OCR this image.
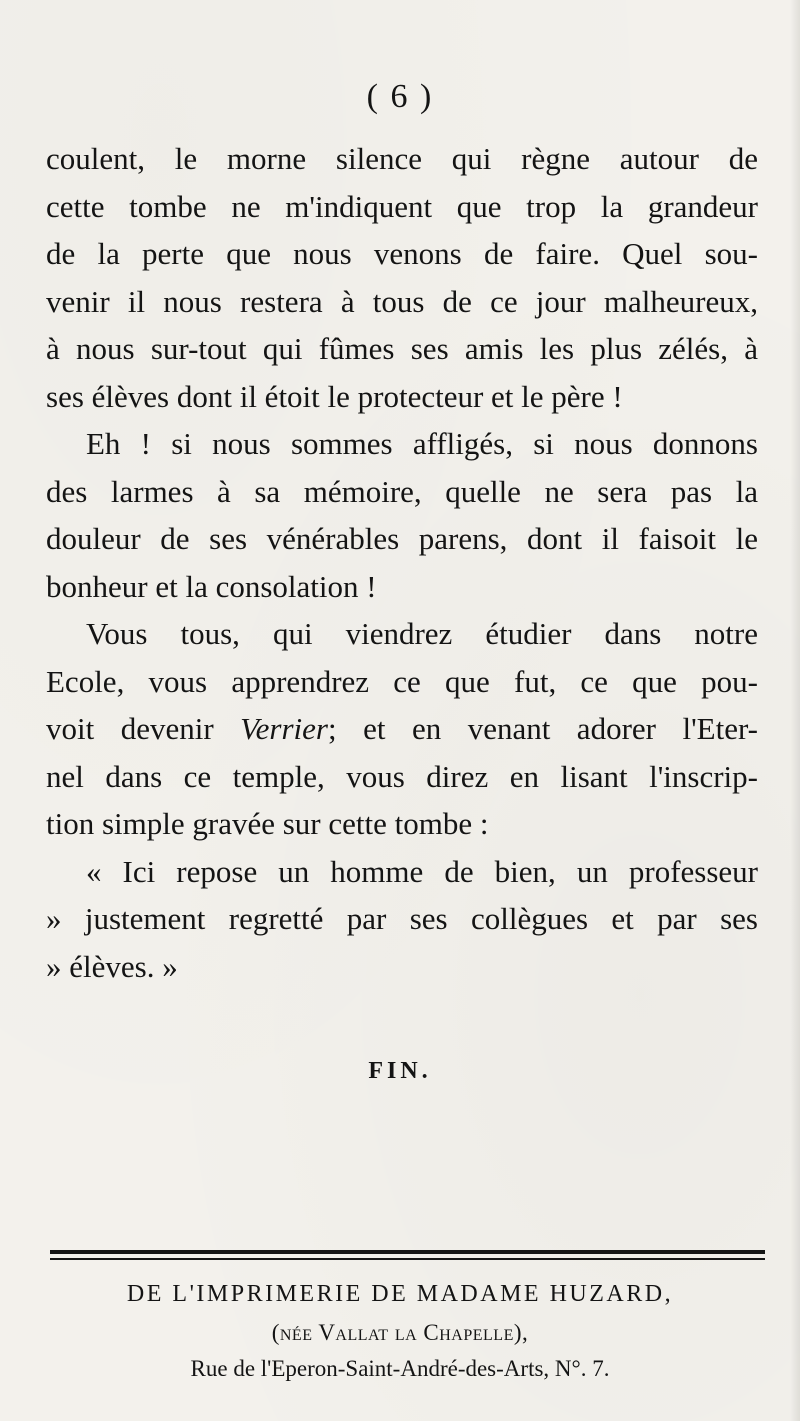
( 6 )

coulent, le morne silence qui règne autour de
cette tombe ne m'indiquent que trop la grandeur
de la perte que nous venons de faire. Quel sou-
venir il nous restera à tous de ce jour malheureux,
à nous sur-tout qui fûmes ses amis les plus zélés, à
ses élèves dont il étoit le protecteur et le père !

Eh ! si nous sommes affligés, si nous donnons
des larmes à sa mémoire, quelle ne sera pas la
douleur de ses vénérables parens, dont il faisoit le
bonheur et la consolation !

Vous tous, qui viendrez étudier dans notre
Ecole, vous apprendrez ce que fut, ce que pou-
voit devenir Verrier; et en venant adorer l'Eter-
nel dans ce temple, vous direz en lisant l'inscrip-
tion simple gravée sur cette tombe :

« Ici repose un homme de bien, un professeur
» justement regretté par ses collègues et par ses
» élèves. »

FIN.
DE L'IMPRIMERIE DE MADAME HUZARD,
(née Vallat la Chapelle),
Rue de l'Eperon-Saint-André-des-Arts, N°. 7.
